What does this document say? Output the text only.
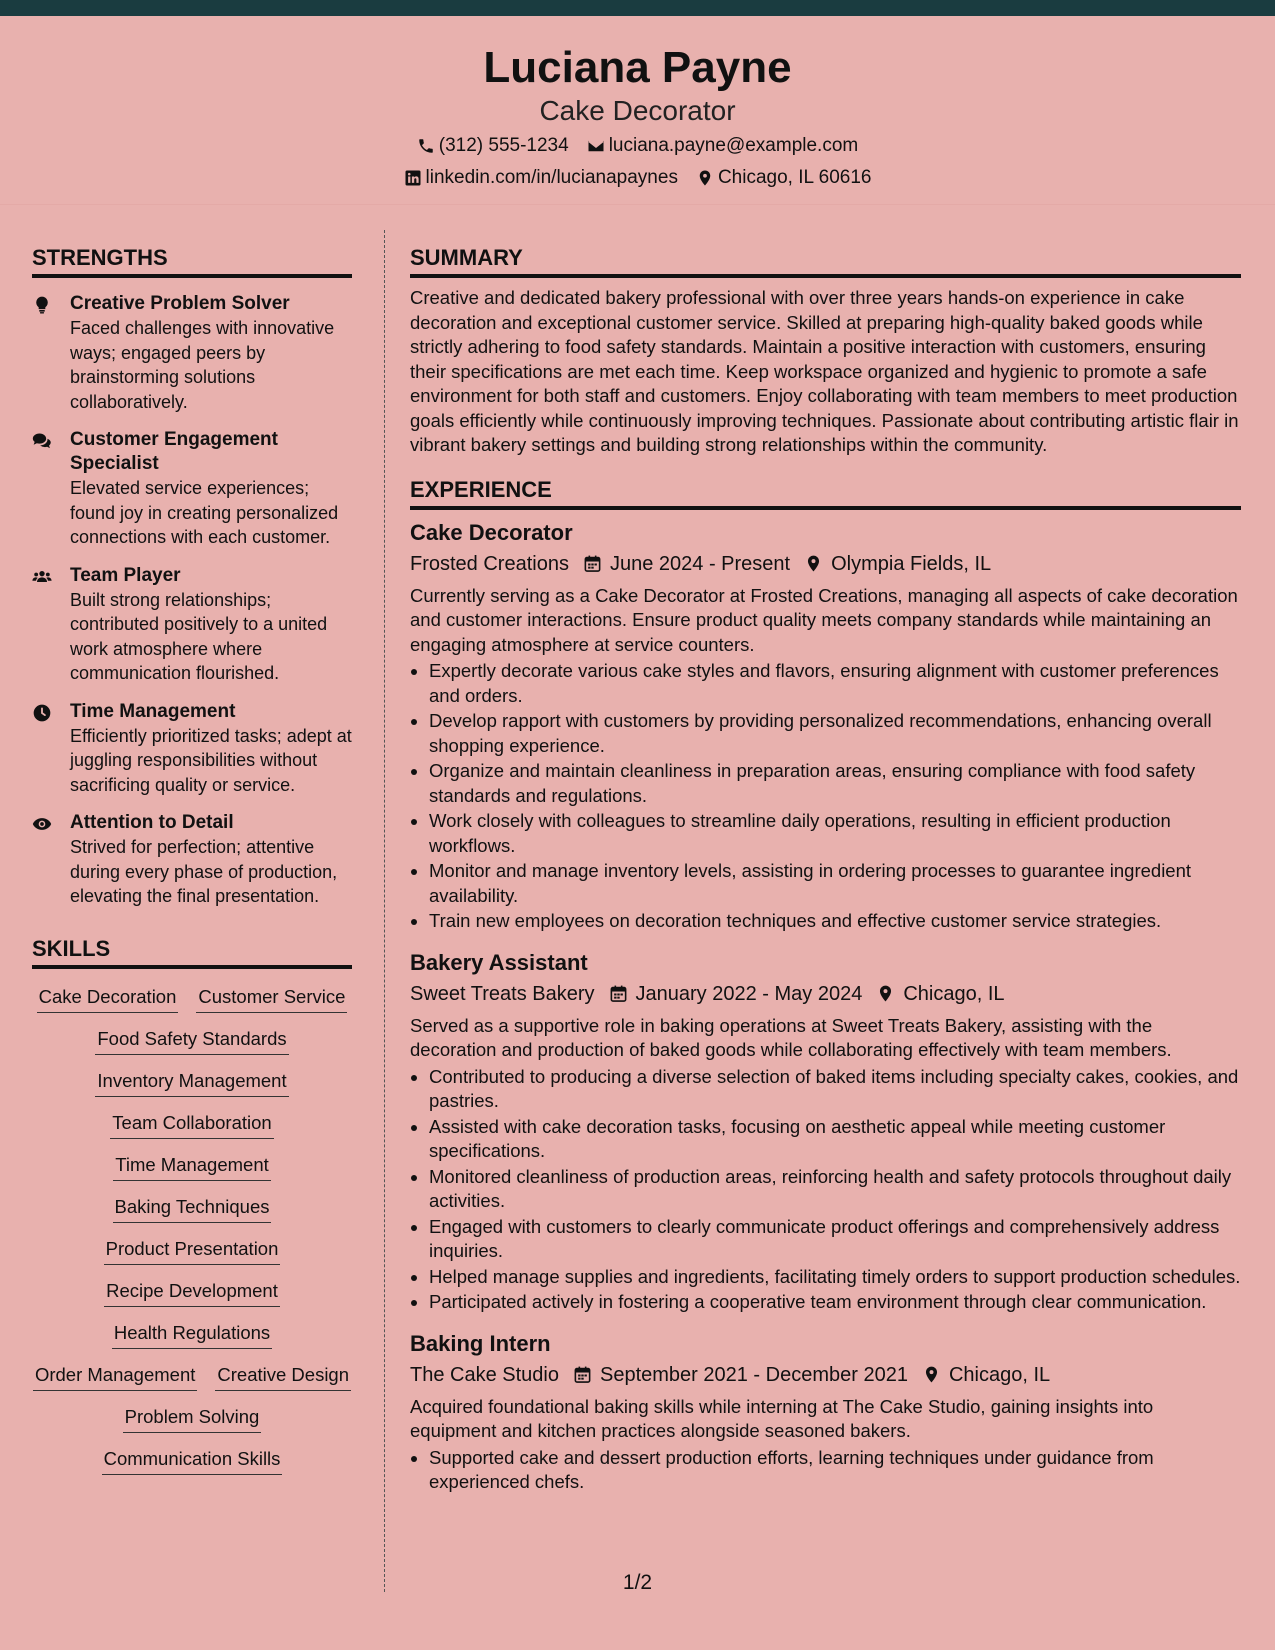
Luciana Payne
Cake Decorator
(312) 555-1234 luciana.payne@example.com
linkedin.com/in/lucianapaynes Chicago, IL 60616
STRENGTHS
Creative Problem Solver
Faced challenges with innovative ways; engaged peers by brainstorming solutions collaboratively.
Customer Engagement Specialist
Elevated service experiences; found joy in creating personalized connections with each customer.
Team Player
Built strong relationships; contributed positively to a united work atmosphere where communication flourished.
Time Management
Efficiently prioritized tasks; adept at juggling responsibilities without sacrificing quality or service.
Attention to Detail
Strived for perfection; attentive during every phase of production, elevating the final presentation.
SKILLS
Cake Decoration Customer Service
Food Safety Standards
Inventory Management
Team Collaboration
Time Management
Baking Techniques
Product Presentation
Recipe Development
Health Regulations
Order Management Creative Design
Problem Solving
Communication Skills
SUMMARY

Creative and dedicated bakery professional with over three years hands-on experience in cake decoration and exceptional customer service. Skilled at preparing high-quality baked goods while strictly adhering to food safety standards. Maintain a positive interaction with customers, ensuring their specifications are met each time. Keep workspace organized and hygienic to promote a safe environment for both staff and customers. Enjoy collaborating with team members to meet production goals efficiently while continuously improving techniques. Passionate about contributing artistic flair in vibrant bakery settings and building strong relationships within the community.

EXPERIENCE
Cake Decorator
Frosted Creations June 2024 - Present Olympia Fields, IL
Currently serving as a Cake Decorator at Frosted Creations, managing all aspects of cake decoration and customer interactions. Ensure product quality meets company standards while maintaining an engaging atmosphere at service counters.
• Expertly decorate various cake styles and flavors, ensuring alignment with customer preferences and orders.
• Develop rapport with customers by providing personalized recommendations, enhancing overall shopping experience.
• Organize and maintain cleanliness in preparation areas, ensuring compliance with food safety standards and regulations.
• Work closely with colleagues to streamline daily operations, resulting in efficient production workflows.
• Monitor and manage inventory levels, assisting in ordering processes to guarantee ingredient availability.
• Train new employees on decoration techniques and effective customer service strategies.
Bakery Assistant
Sweet Treats Bakery January 2022 - May 2024 Chicago, IL
Served as a supportive role in baking operations at Sweet Treats Bakery, assisting with the decoration and production of baked goods while collaborating effectively with team members.
• Contributed to producing a diverse selection of baked items including specialty cakes, cookies, and pastries.
• Assisted with cake decoration tasks, focusing on aesthetic appeal while meeting customer specifications.
• Monitored cleanliness of production areas, reinforcing health and safety protocols throughout daily activities.
• Engaged with customers to clearly communicate product offerings and comprehensively address inquiries.
• Helped manage supplies and ingredients, facilitating timely orders to support production schedules.
• Participated actively in fostering a cooperative team environment through clear communication.
Baking Intern
The Cake Studio September 2021 - December 2021 Chicago, IL
Acquired foundational baking skills while interning at The Cake Studio, gaining insights into equipment and kitchen practices alongside seasoned bakers.
• Supported cake and dessert production efforts, learning techniques under guidance from experienced chefs.
1/2
